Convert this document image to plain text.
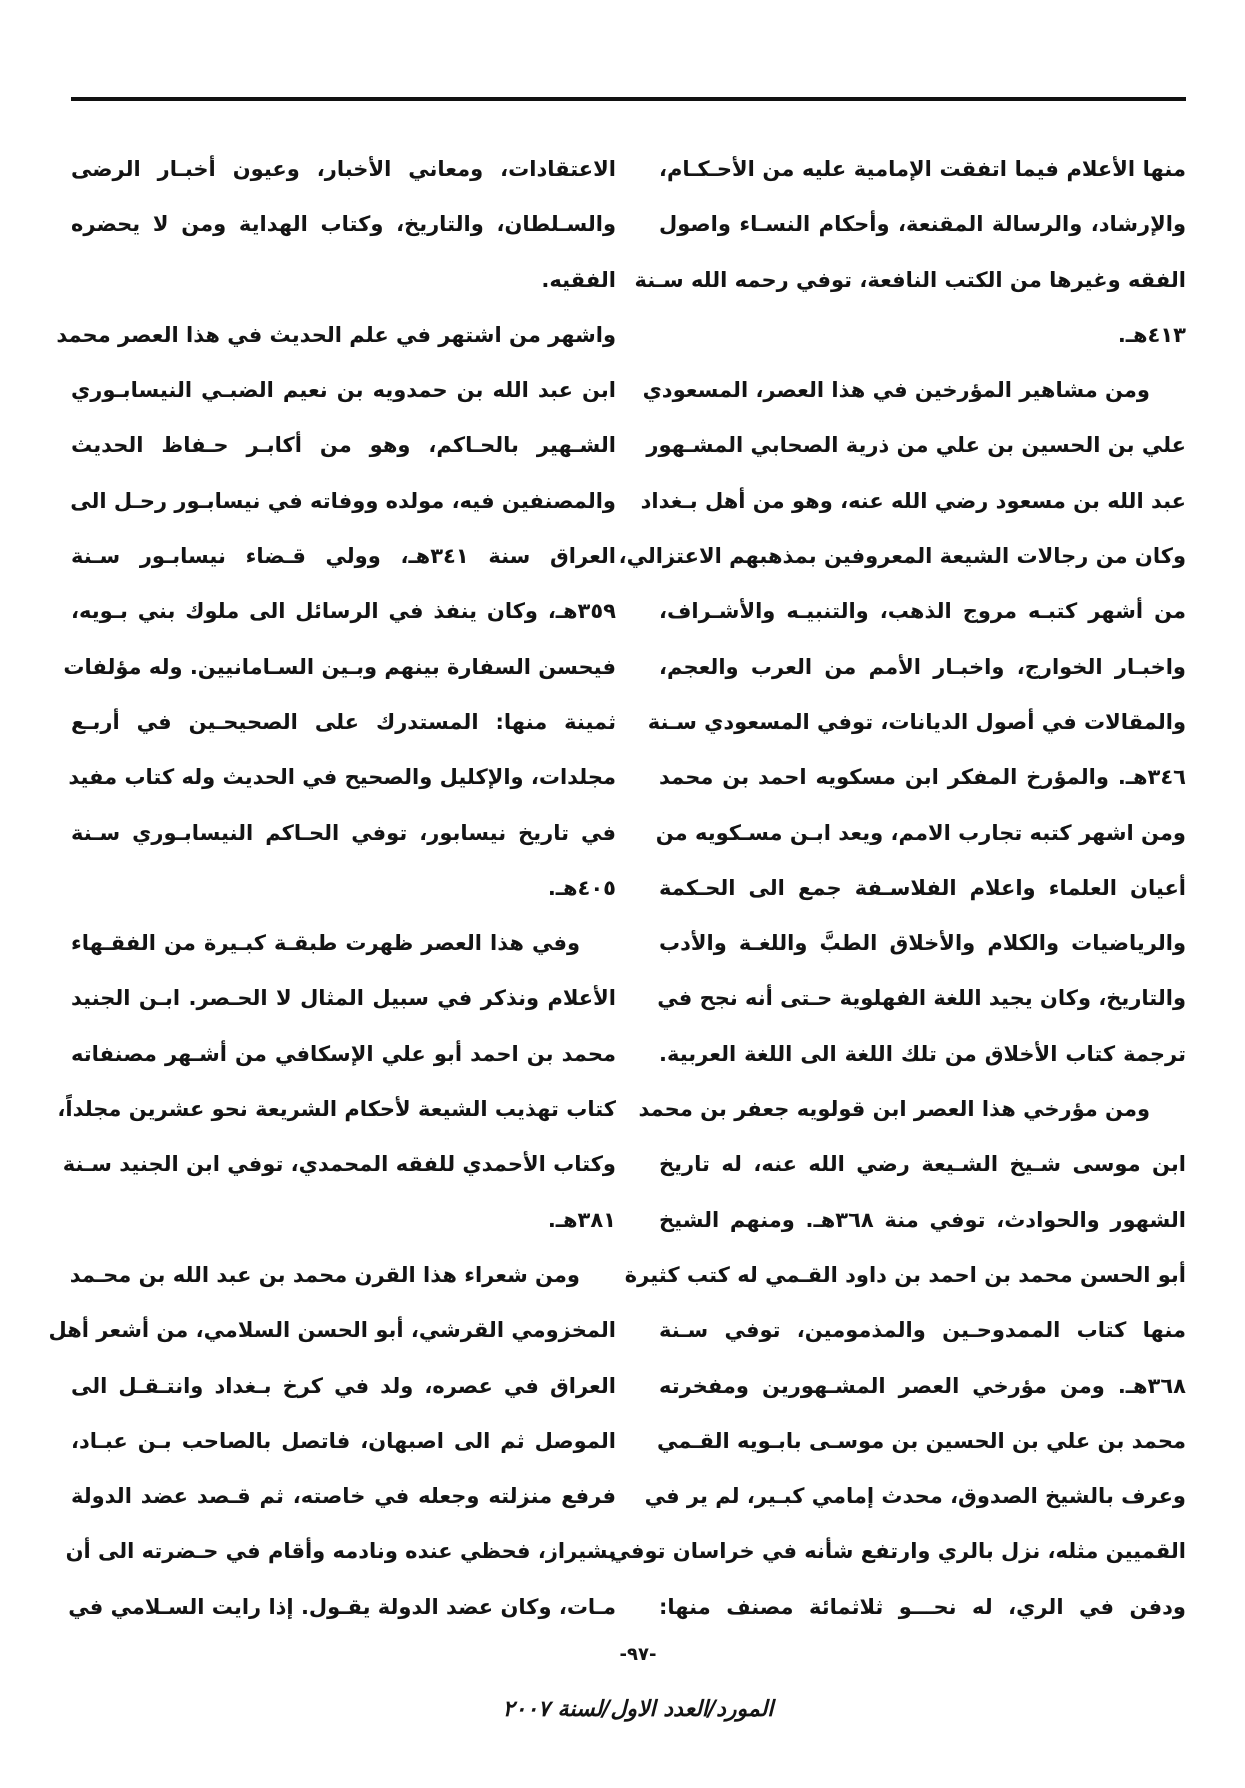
منها الأعلام فيما اتفقت الإمامية عليه من الأحـكـام،
والإرشاد، والرسالة المقنعة، وأحكام النسـاء واصول
الفقه وغيرها من الكتب النافعة، توفي رحمه الله سـنة
٤١٣هـ.
ومن مشاهير المؤرخين في هذا العصر، المسعودي
علي بن الحسين بن علي من ذرية الصحابي المشـهور
عبد الله بن مسعود رضي الله عنه، وهو من أهل بـغداد
وكان من رجالات الشيعة المعروفين بمذهبهم الاعتزالي،
من أشهر كتبـه مروج الذهب، والتنبيـه والأشـراف،
واخبـار الخوارج، واخبـار الأمم من العرب والعجم،
والمقالات في أصول الديانات، توفي المسعودي سـنة
٣٤٦هـ. والمؤرخ المفكر ابن مسكويه احمد بن محمد
ومن اشهر كتبه تجارب الامم، ويعد ابـن مسـكويه من
أعيان العلماء واعلام الفلاسـفة جمع الى الحـكمة
والرياضيات والكلام والأخلاق الطبَّ واللغـة والأدب
والتاريخ، وكان يجيد اللغة الفهلوية حـتى أنه نجح في
ترجمة كتاب الأخلاق من تلك اللغة الى اللغة العربية.
ومن مؤرخي هذا العصر ابن قولويه جعفر بن محمد
ابن موسى شـيخ الشـيعة رضي الله عنه، له تاريخ
الشهور والحوادث، توفي منة ٣٦٨هـ. ومنهم الشيخ
أبو الحسن محمد بن احمد بن داود القـمي له كتب كثيرة
منها كتاب الممدوحـين والمذمومين، توفي سـنة
٣٦٨هـ. ومن مؤرخي العصر المشـهورين ومفخرته
محمد بن علي بن الحسين بن موسـى بابـويه القـمي
وعرف بالشيخ الصدوق، محدث إمامي كبـير، لم ير في
القميين مثله، نزل بالري وارتفع شأنه في خراسان توفي
ودفن في الري، له نحـــو ثلاثمائة مصنف منها:
الاعتقادات، ومعاني الأخبار، وعيون أخبـار الرضى
والسـلطان، والتاريخ، وكتاب الهداية ومن لا يحضره
الفقيه.
واشهر من اشتهر في علم الحديث في هذا العصر محمد
ابن عبد الله بن حمدويه بن نعيم الضبـي النيسابـوري
الشـهير بالحـاكم، وهو من أكابـر حـفاظ الحديث
والمصنفين فيه، مولده ووفاته في نيسابـور رحـل الى
العراق سنة ٣٤١هـ، وولي قـضاء نيسابـور سـنة
٣٥٩هـ، وكان ينفذ في الرسائل الى ملوك بني بـويه،
فيحسن السفارة بينهم وبـين السـامانيين. وله مؤلفات
ثمينة منها: المستدرك على الصحيحـين في أربـع
مجلدات، والإكليل والصحيح في الحديث وله كتاب مفيد
في تاريخ نيسابور، توفي الحـاكم النيسابـوري سـنة
٤٠٥هـ.
وفي هذا العصر ظهرت طبقـة كبـيرة من الفقـهاء
الأعلام ونذكر في سبيل المثال لا الحـصر. ابـن الجنيد
محمد بن احمد أبو علي الإسكافي من أشـهر مصنفاته
كتاب تهذيب الشيعة لأحكام الشريعة نحو عشرين مجلداً،
وكتاب الأحمدي للفقه المحمدي، توفي ابن الجنيد سـنة
٣٨١هـ.
ومن شعراء هذا القرن محمد بن عبد الله بن محـمد
المخزومي القرشي، أبو الحسن السلامي، من أشعر أهل
العراق في عصره، ولد في كرخ بـغداد وانتـقـل الى
الموصل ثم الى اصبهان، فاتصل بالصاحب بـن عبـاد،
فرفع منزلته وجعله في خاصته، ثم قـصد عضد الدولة
بشيراز، فحظي عنده ونادمه وأقام في حـضرته الى أن
مـات، وكان عضد الدولة يقـول. إذا رايت السـلامي في
-٩٧-
المورد/العدد الاول/لسنة ٢٠٠٧
